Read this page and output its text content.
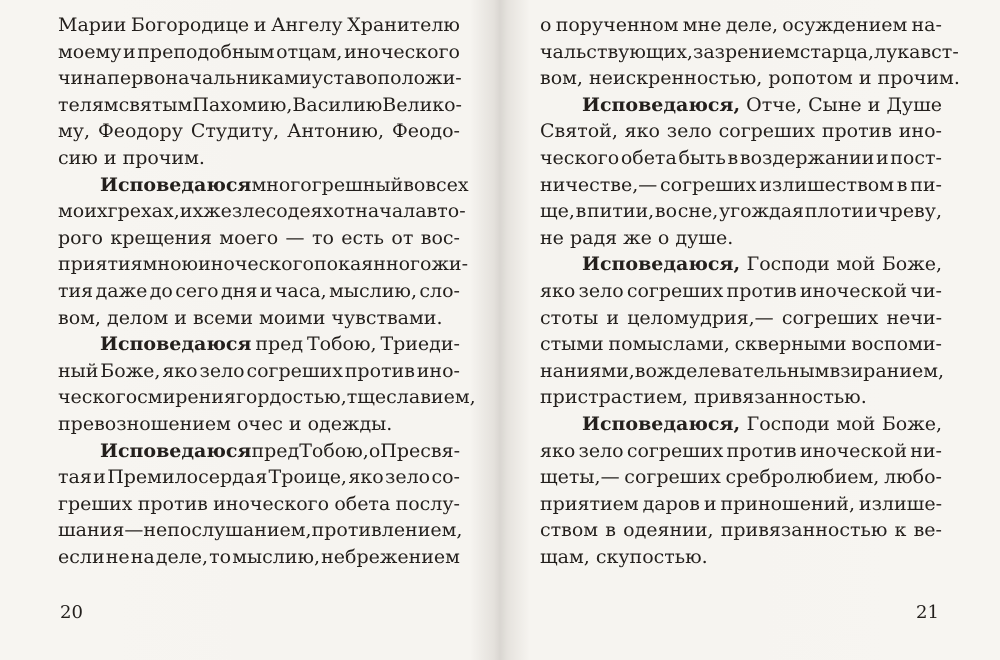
Марии Богородице и Ангелу Хранителю
моему и преподобным отцам, иноческого
чина первоначальникам и уставоположи-
телям святым Пахомию, Василию Велико-
му, Феодору Студиту, Антонию, Феодо-
сию и прочим.
Исповедаюся многогрешный во всех
моих грехах, ихже зле содеях от начала вто-
рого крещения моего — то есть от вос-
приятия мною иноческого покаянного жи-
тия даже до сего дня и часа, мыслию, сло-
вом, делом и всеми моими чувствами.
Исповедаюся пред Тобою, Триеди-
ный Боже, яко зело согреших против ино-
ческого смирения гордостью, тщеславием,
превозношением очес и одежды.
Исповедаюся пред Тобою, о Пресвя-
тая и Премилосердая Троице, яко зело со-
греших против иноческого обета послу-
шания — непослушанием, противлением,
если не на деле, то мыслию, небрежением
20
о порученном мне деле, осуждением на-
чальствующих, зазрением старца, лукавст-
вом, неискренностью, ропотом и прочим.
Исповедаюся, Отче, Сыне и Душе
Святой, яко зело согреших против ино-
ческого обета быть в воздержании и пост-
ничестве,— согреших излишеством в пи-
ще, в питии, во сне, угождая плоти и чреву,
не радя же о душе.
Исповедаюся, Господи мой Боже,
яко зело согреших против иноческой чи-
стоты и целомудрия,— согреших нечи-
стыми помыслами, скверными воспоми-
наниями, вожделевательным взиранием,
пристрастием, привязанностью.
Исповедаюся, Господи мой Боже,
яко зело согреших против иноческой ни-
щеты,— согреших сребролюбием, любо-
приятием даров и приношений, излише-
ством в одеянии, привязанностью к ве-
щам, скупостью.
21
